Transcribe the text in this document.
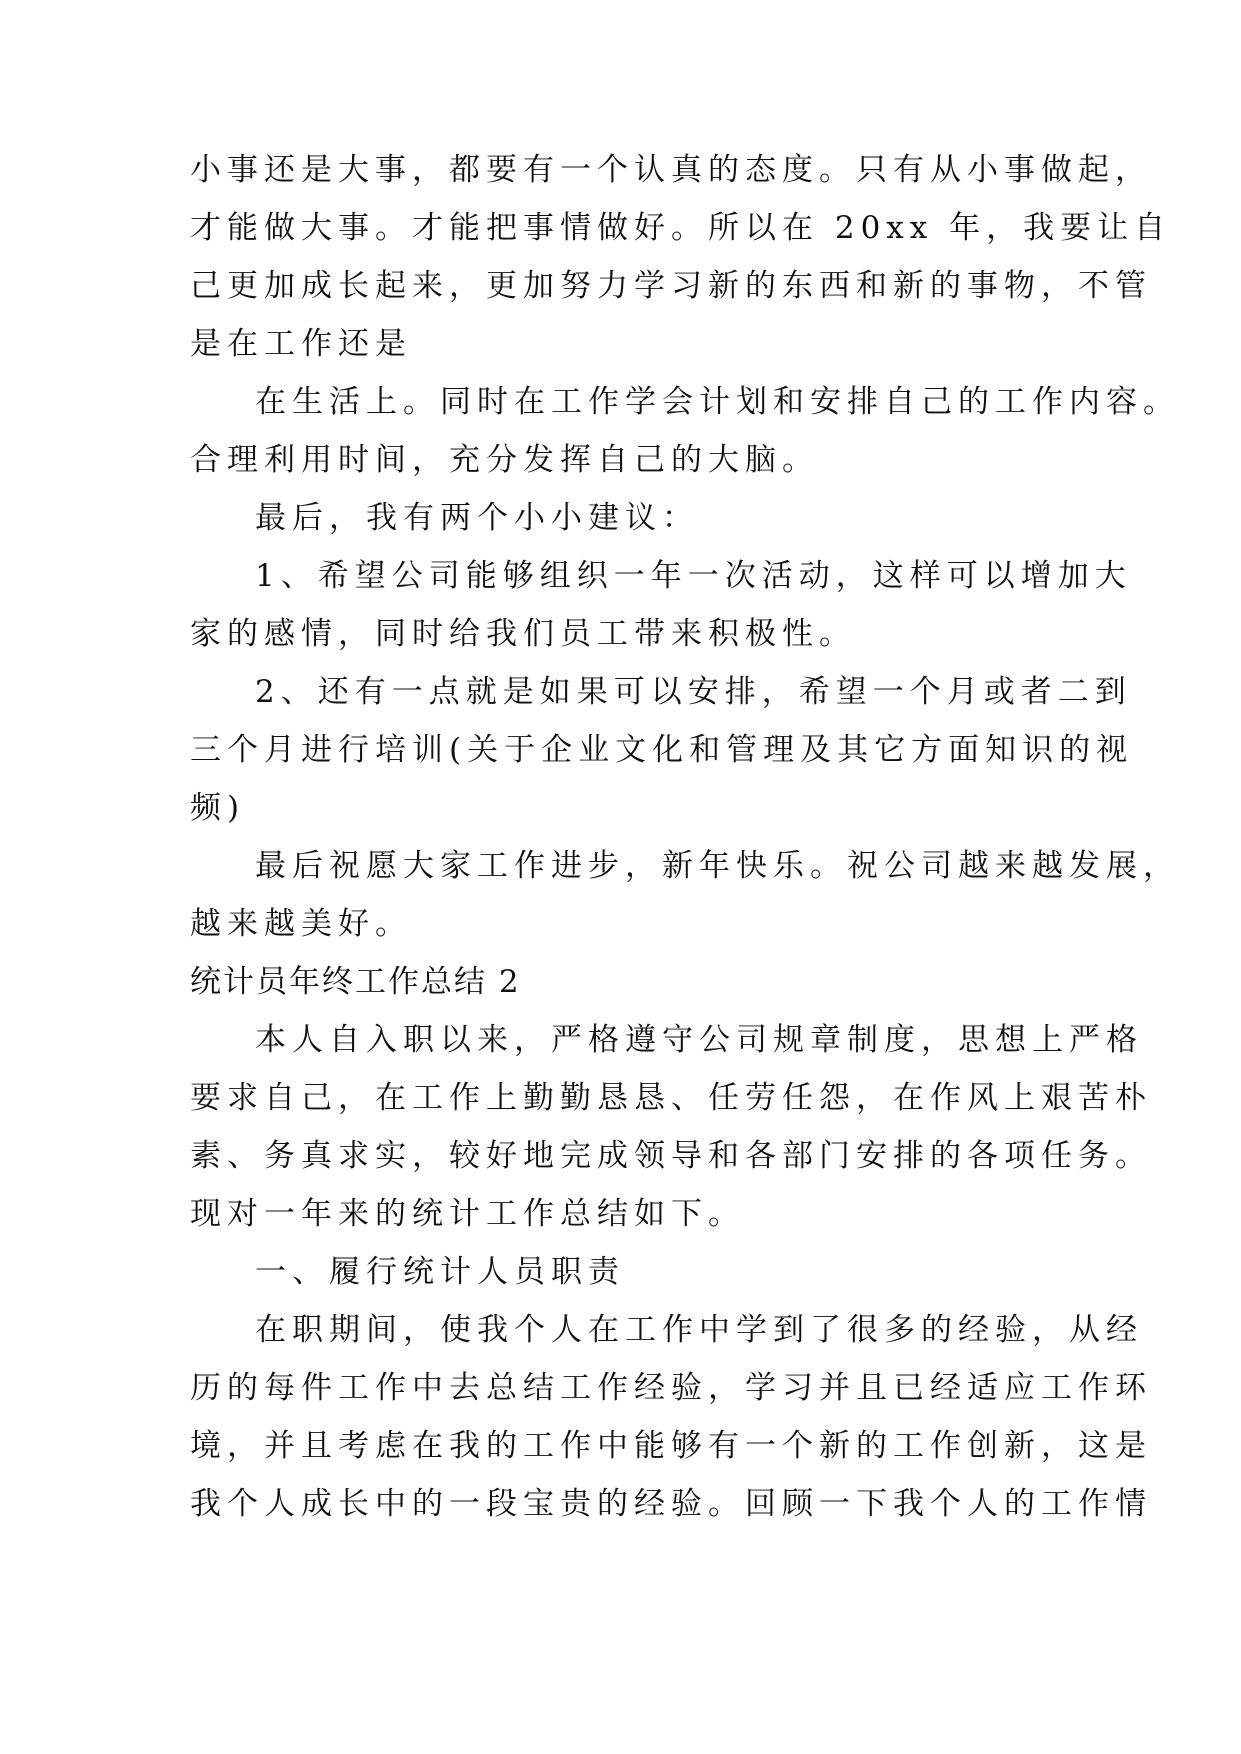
小事还是大事，都要有一个认真的态度。只有从小事做起，
才能做大事。才能把事情做好。所以在 20xx 年，我要让自
己更加成长起来，更加努力学习新的东西和新的事物，不管
是在工作还是
在生活上。同时在工作学会计划和安排自己的工作内容。
合理利用时间，充分发挥自己的大脑。
最后，我有两个小小建议：
1、希望公司能够组织一年一次活动，这样可以增加大
家的感情，同时给我们员工带来积极性。
2、还有一点就是如果可以安排，希望一个月或者二到
三个月进行培训(关于企业文化和管理及其它方面知识的视
频)
最后祝愿大家工作进步，新年快乐。祝公司越来越发展，
越来越美好。
统计员年终工作总结 2
本人自入职以来，严格遵守公司规章制度，思想上严格
要求自己，在工作上勤勤恳恳、任劳任怨，在作风上艰苦朴
素、务真求实，较好地完成领导和各部门安排的各项任务。
现对一年来的统计工作总结如下。
一、履行统计人员职责
在职期间，使我个人在工作中学到了很多的经验，从经
历的每件工作中去总结工作经验，学习并且已经适应工作环
境，并且考虑在我的工作中能够有一个新的工作创新，这是
我个人成长中的一段宝贵的经验。回顾一下我个人的工作情
